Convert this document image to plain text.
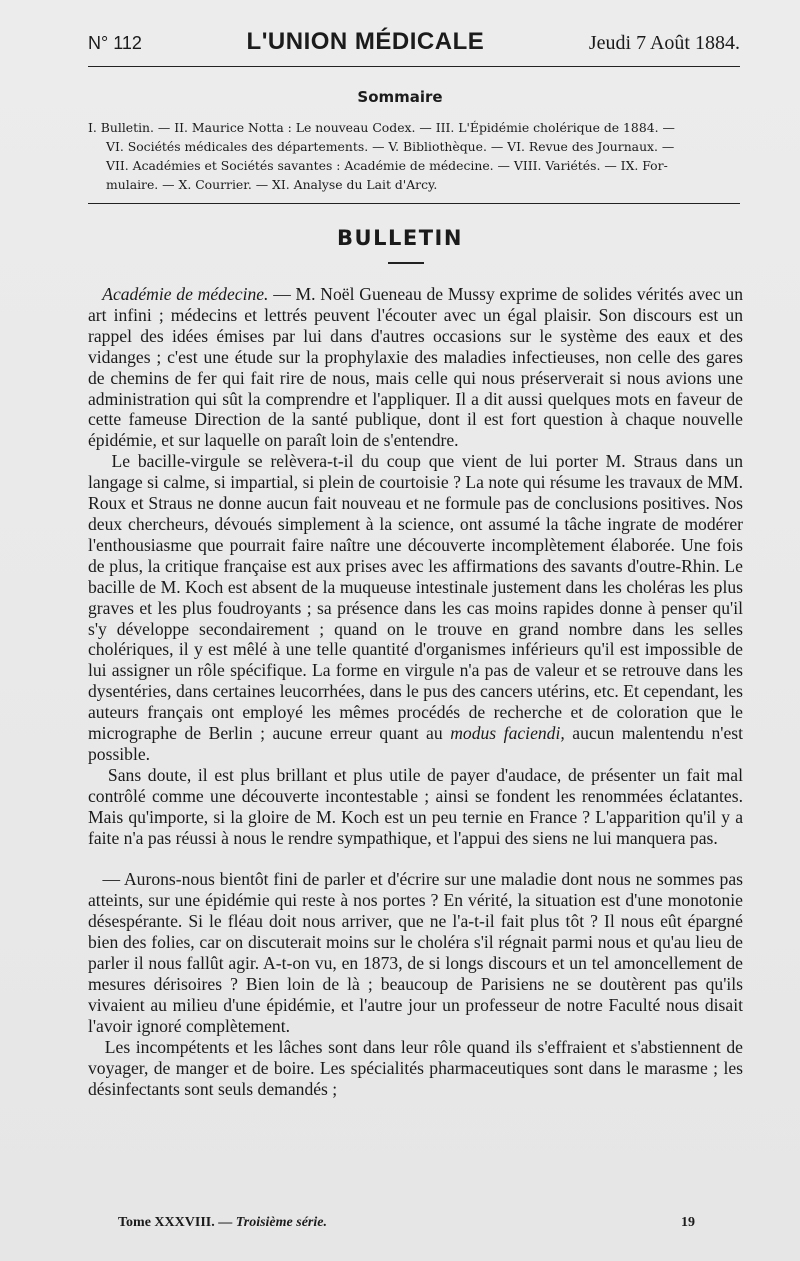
N° 112	L'UNION MÉDICALE	Jeudi 7 Août 1884.
Sommaire
I. Bulletin. — II. Maurice Notta : Le nouveau Codex. — III. L'Épidémie cholérique de 1884. —
VI. Sociétés médicales des départements. — V. Bibliothèque. — VI. Revue des Journaux. —
VII. Académies et Sociétés savantes : Académie de médecine. — VIII. Variétés. — IX. For-
mulaire. — X. Courrier. — XI. Analyse du Lait d'Arcy.
BULLETIN

Académie de médecine. — M. Noël Gueneau de Mussy exprime de solides vérités avec un art infini ; médecins et lettrés peuvent l'écouter avec un égal plaisir. Son discours est un rappel des idées émises par lui dans d'autres occasions sur le système des eaux et des vidanges ; c'est une étude sur la prophylaxie des maladies infectieuses, non celle des gares de chemins de fer qui fait rire de nous, mais celle qui nous préserverait si nous avions une administration qui sût la comprendre et l'appliquer. Il a dit aussi quelques mots en faveur de cette fameuse Direction de la santé publique, dont il est fort question à chaque nouvelle épidémie, et sur laquelle on paraît loin de s'entendre.

Le bacille-virgule se relèvera-t-il du coup que vient de lui porter M. Straus dans un langage si calme, si impartial, si plein de courtoisie ? La note qui résume les travaux de MM. Roux et Straus ne donne aucun fait nouveau et ne formule pas de conclusions positives. Nos deux chercheurs, dévoués simplement à la science, ont assumé la tâche ingrate de modérer l'enthousiasme que pourrait faire naître une découverte incomplètement élaborée. Une fois de plus, la critique française est aux prises avec les affirmations des savants d'outre-Rhin. Le bacille de M. Koch est absent de la muqueuse intestinale justement dans les choléras les plus graves et les plus foudroyants ; sa présence dans les cas moins rapides donne à penser qu'il s'y développe secondairement ; quand on le trouve en grand nombre dans les selles cholériques, il y est mêlé à une telle quantité d'organismes inférieurs qu'il est impossible de lui assigner un rôle spécifique. La forme en virgule n'a pas de valeur et se retrouve dans les dysentéries, dans certaines leucorrhées, dans le pus des cancers utérins, etc. Et cependant, les auteurs français ont employé les mêmes procédés de recherche et de coloration que le micrographe de Berlin ; aucune erreur quant au modus faciendi, aucun malentendu n'est possible.

Sans doute, il est plus brillant et plus utile de payer d'audace, de présenter un fait mal contrôlé comme une découverte incontestable ; ainsi se fondent les renommées éclatantes. Mais qu'importe, si la gloire de M. Koch est un peu ternie en France ? L'apparition qu'il y a faite n'a pas réussi à nous le rendre sympathique, et l'appui des siens ne lui manquera pas.

— Aurons-nous bientôt fini de parler et d'écrire sur une maladie dont nous ne sommes pas atteints, sur une épidémie qui reste à nos portes ? En vérité, la situation est d'une monotonie désespérante. Si le fléau doit nous arriver, que ne l'a-t-il fait plus tôt ? Il nous eût épargné bien des folies, car on discuterait moins sur le choléra s'il régnait parmi nous et qu'au lieu de parler il nous fallût agir. A-t-on vu, en 1873, de si longs discours et un tel amoncellement de mesures dérisoires ? Bien loin de là ; beaucoup de Parisiens ne se doutèrent pas qu'ils vivaient au milieu d'une épidémie, et l'autre jour un professeur de notre Faculté nous disait l'avoir ignoré complètement.

Les incompétents et les lâches sont dans leur rôle quand ils s'effraient et s'abstiennent de voyager, de manger et de boire. Les spécialités pharmaceutiques sont dans le marasme ; les désinfectants sont seuls demandés ;

Tome XXXVIII. — Troisième série.	19
